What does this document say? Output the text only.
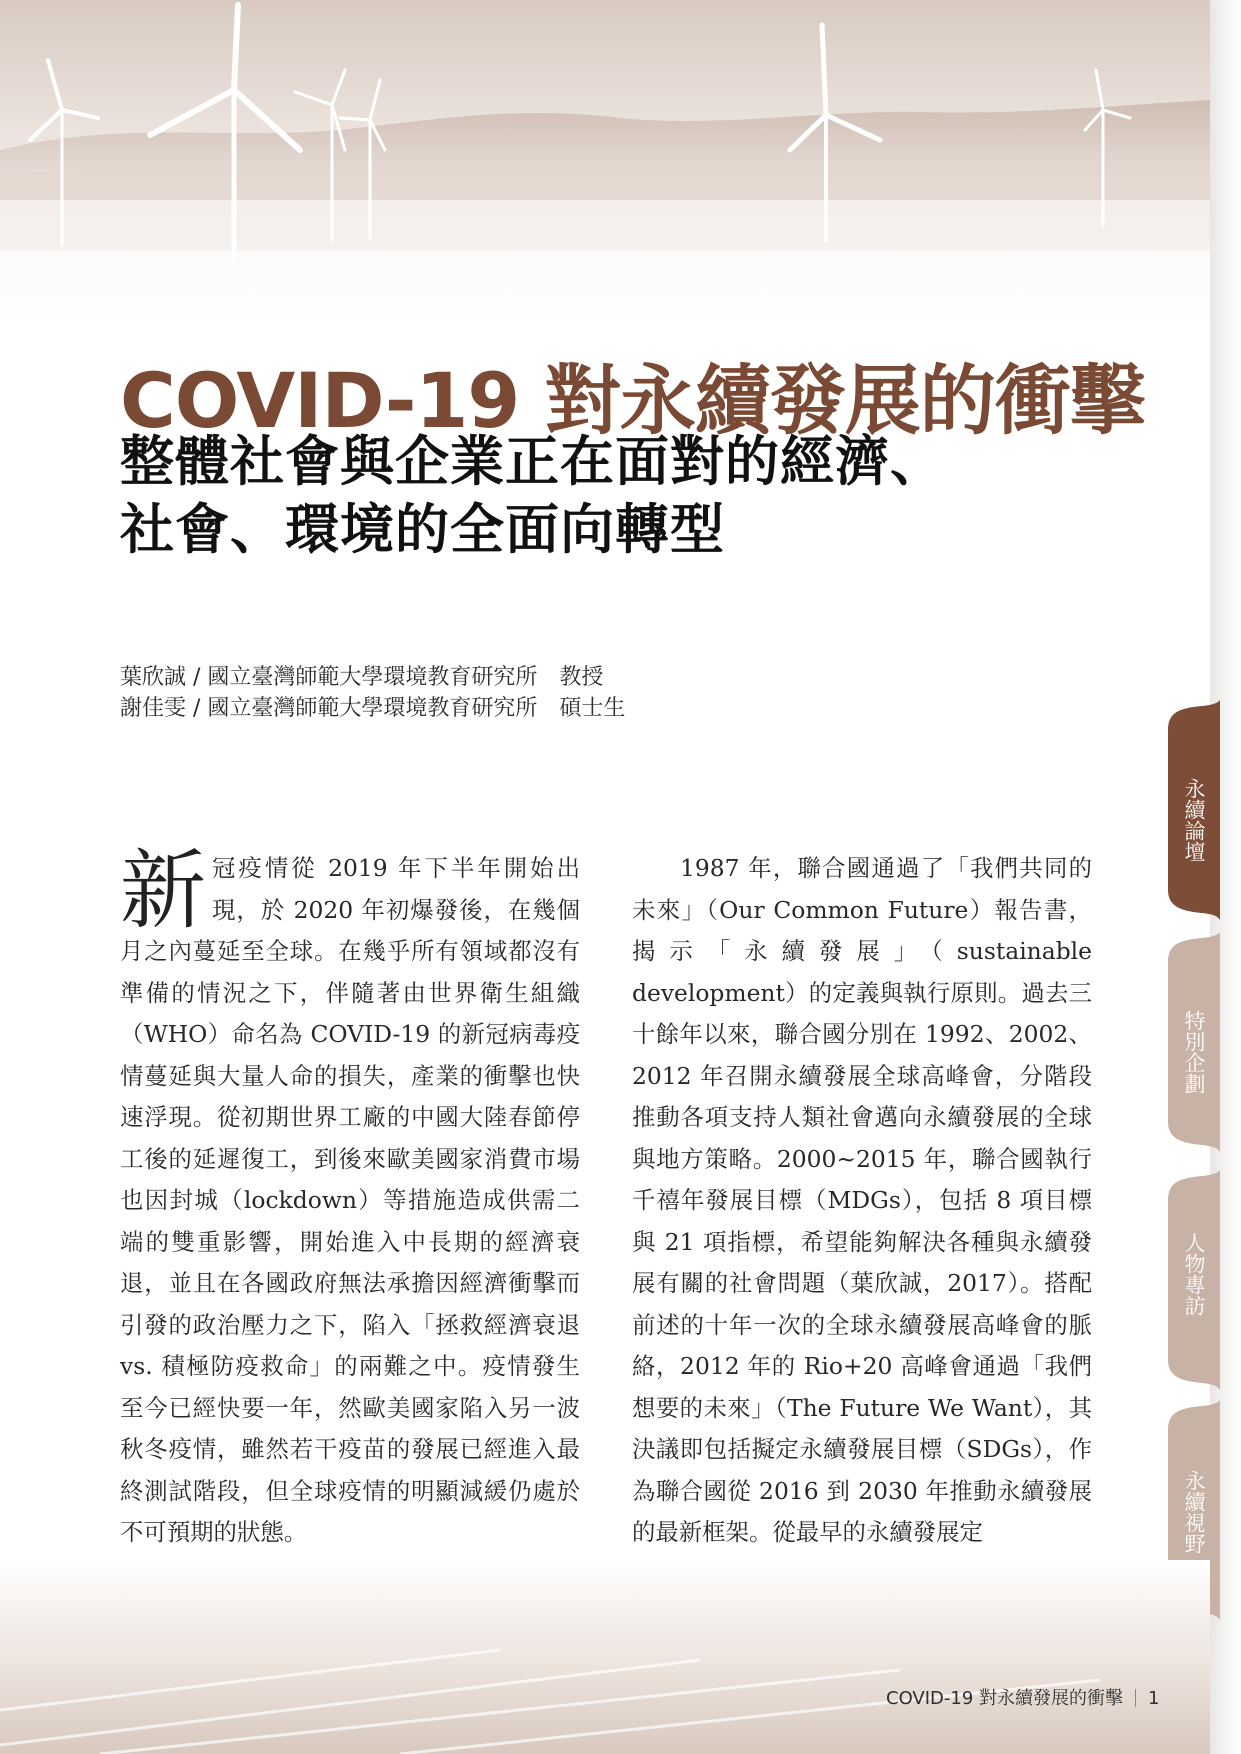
COVID-19 對永續發展的衝擊
整體社會與企業正在面對的經濟、
社會、環境的全面向轉型
葉欣誠 / 國立臺灣師範大學環境教育研究所　教授
謝佳雯 / 國立臺灣師範大學環境教育研究所　碩士生
新冠疫情從 2019 年下半年開始出現，於 2020 年初爆發後，在幾個月之內蔓延至全球。在幾乎所有領域都沒有準備的情況之下，伴隨著由世界衛生組織（WHO）命名為 COVID-19 的新冠病毒疫情蔓延與大量人命的損失，產業的衝擊也快速浮現。從初期世界工廠的中國大陸春節停工後的延遲復工，到後來歐美國家消費市場也因封城（lockdown）等措施造成供需二端的雙重影響，開始進入中長期的經濟衰退，並且在各國政府無法承擔因經濟衝擊而引發的政治壓力之下，陷入「拯救經濟衰退 vs. 積極防疫救命」的兩難之中。疫情發生至今已經快要一年，然歐美國家陷入另一波秋冬疫情，雖然若干疫苗的發展已經進入最終測試階段，但全球疫情的明顯減緩仍處於不可預期的狀態。
1987 年，聯合國通過了「我們共同的未來」（Our Common Future）報告書，揭示「永續發展」（sustainable development）的定義與執行原則。過去三十餘年以來，聯合國分別在 1992、2002、2012 年召開永續發展全球高峰會，分階段推動各項支持人類社會邁向永續發展的全球與地方策略。2000~2015 年，聯合國執行千禧年發展目標（MDGs），包括 8 項目標與 21 項指標，希望能夠解決各種與永續發展有關的社會問題（葉欣誠，2017）。搭配前述的十年一次的全球永續發展高峰會的脈絡，2012 年的 Rio+20 高峰會通過「我們想要的未來」（The Future We Want），其決議即包括擬定永續發展目標（SDGs），作為聯合國從 2016 到 2030 年推動永續發展的最新框架。從最早的永續發展定
永續論壇
特別企劃
人物專訪
永續視野
COVID-19 對永續發展的衝擊 1
